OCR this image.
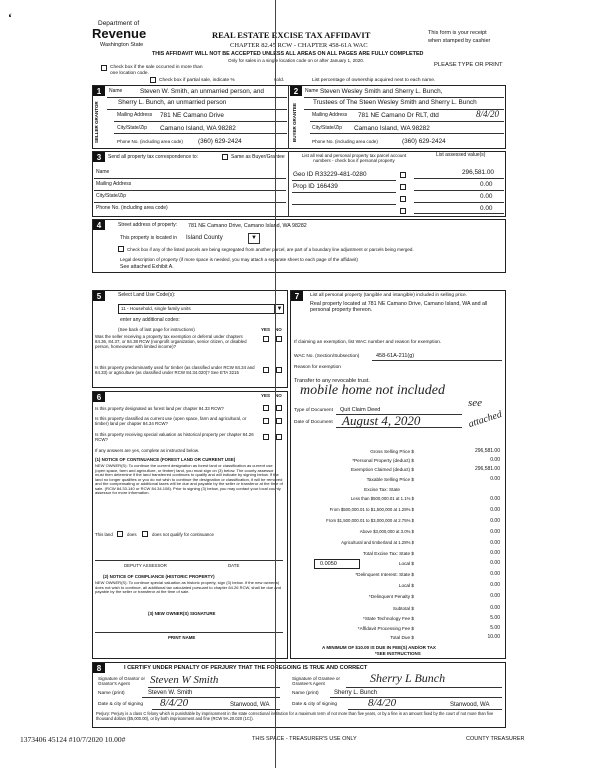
‘	Department of
Revenue
Washington State
REAL ESTATE EXCISE TAX AFFIDAVIT
CHAPTER 82.45 RCW - CHAPTER 458-61A WAC
THIS AFFIDAVIT WILL NOT BE ACCEPTED UNLESS ALL AREAS ON ALL PAGES ARE FULLY COMPLETED
Only for sales in a single location code on or after January 1, 2020.
This form is your receipt
when stamped by cashier
PLEASE TYPE OR PRINT
Check box if the sale occurred in more than one location code.
Check box if partial sale, indicate %	sold.	List percentage of ownership acquired next to each name.
1
SELLER GRANTOR
Name	Steven W. Smith, an unmarried person, and
Sherry L. Bunch, an unmarried person
Mailing Address 781 NE Camano Drive
City/State/Zip Camano Island, WA 98282
Phone No. (including area code) (360) 629-2424
2
BUYER GRANTEE
Name Steven Wesley Smith and Sherry L. Bunch,
Trustees of The Steen Wesley Smith and Sherry L. Bunch
Mailing Address 781 NE Camano Dr RLT, dtd	8/4/20
City/State/Zip Camano Island, WA 98282
Phone No. (including area code)	(360) 629-2424
3	Send all property tax correspondence to:	Same as Buyer/Grantee
Name
Mailing Address
City/State/Zip
Phone No. (including area code)
List all real and personal property tax parcel account numbers - check box if personal property
List assessed value(s)
Geo ID R33229-481-0280	296,581.00
Prop ID 166439	0.00
0.00
0.00
4	Street address of property: 781 NE Camano Drive, Camano Island, WA 98282
This property is located in Island County	▼
Check box if any of the listed parcels are being segregated from another parcel, are part of a boundary line adjustment or parcels being merged.
Legal description of property (if more space is needed, you may attach a separate sheet to each page of the affidavit)
See attached Exhibit A.
5	Select Land Use Code(s):
11 - Household, single family units	▼
enter any additional codes:
(See back of last page for instructions)	YES NO
Was the seller receiving a property tax exemption or deferral under chapters 84.36, 84.37, or 84.38 RCW (nonprofit organization, senior citizen, or disabled person, homeowner with limited income)?
Is this property predominantly used for timber (as classified under RCW 84.34 and 84.33) or agriculture (as classified under RCW 84.34.020)? See ETA 3215
6	YES NO
Is this property designated as forest land per chapter 84.33 RCW?
Is this property classified as current use (open space, farm and agricultural, or timber) land per chapter 84.34 RCW?
Is this property receiving special valuation as historical property per chapter 84.26 RCW?
If any answers are yes, complete as instructed below.
(1) NOTICE OF CONTINUANCE (FOREST LAND OR CURRENT USE)
NEW OWNER(S): To continue the current designation as forest land or classification as current use (open space, farm and agriculture, or timber) land, you must sign on (3) below. The county assessor must then determine if the land transferred continues to qualify and will indicate by signing below. If the land no longer qualifies or you do not wish to continue the designation or classification, it will be removed and the compensating or additional taxes will be due and payable by the seller or transferor at the time of sale. (RCW 84.33.140 or RCW 84.34.108). Prior to signing (3) below, you may contact your local county assessor for more information.
This land	does	does not qualify for continuance
DEPUTY ASSESSOR	DATE
(2) NOTICE OF COMPLIANCE (HISTORIC PROPERTY)
NEW OWNER(S): To continue special valuation as historic property, sign (3) below. If the new owner(s) does not wish to continue, all additional tax calculated pursuant to chapter 84.26 RCW, shall be due and payable by the seller or transferor at the time of sale.
(3) NEW OWNER(S) SIGNATURE
PRINT NAME
7	List all personal property (tangible and intangible) included in selling price.
Real property located at 781 NE Camano Drive, Camano Island, WA and all personal property thereon.
If claiming an exemption, list WAC number and reason for exemption.
WAC No. (Section/Subsection)	458-61A-211(g)
Reason for exemption
Transfer to any revocable trust.
mobile home not included
see
attached
Type of Document Quit Claim Deed
Date of Document August 4, 2020
Gross Selling Price $	296,581.00
*Personal Property (deduct) $	0.00
Exemption Claimed (deduct) $	296,581.00
Taxable Selling Price $	0.00
Excise Tax: State
Less than $500,000.01 at 1.1% $	0.00
From $500,000.01 to $1,500,000 at 1.28% $	0.00
From $1,500,000.01 to $3,000,000 at 2.75% $	0.00
Above $3,000,000 at 3.0% $	0.00
Agricultural and timberland at 1.28% $	0.00
Total Excise Tax: State $	0.00
0.0050	Local $	0.00
*Delinquent Interest: State $	0.00
Local $	0.00
*Delinquent Penalty $	0.00
Subtotal $	0.00
*State Technology Fee $	5.00
*Affidavit Processing Fee $	5.00
Total Due $	10.00
A MINIMUM OF $10.00 IS DUE IN FEE(S) AND/OR TAX
*SEE INSTRUCTIONS
8	I CERTIFY UNDER PENALTY OF PERJURY THAT THE FOREGOING IS TRUE AND CORRECT
Signature of Grantor or Grantor's Agent	Steven W Smith
Name (print)	Steven W. Smith
Date & city of signing 8/4/20	Stanwood, WA
Signature of Grantee or Grantee's Agent	Sherry L Bunch
Name (print)	Sherry L. Bunch
Date & city of signing	8/4/20	Stanwood, WA
Perjury: Perjury is a class C felony which is punishable by imprisonment in the state correctional institution for a maximum term of not more than five years, or by a fine in an amount fixed by the court of not more than five thousand dollars ($5,000.00), or by both imprisonment and fine (RCW 9A.20.020 (1C)).
1373406 45124 #10/7/2020 10.00#	THIS SPACE - TREASURER'S USE ONLY	COUNTY TREASURER
